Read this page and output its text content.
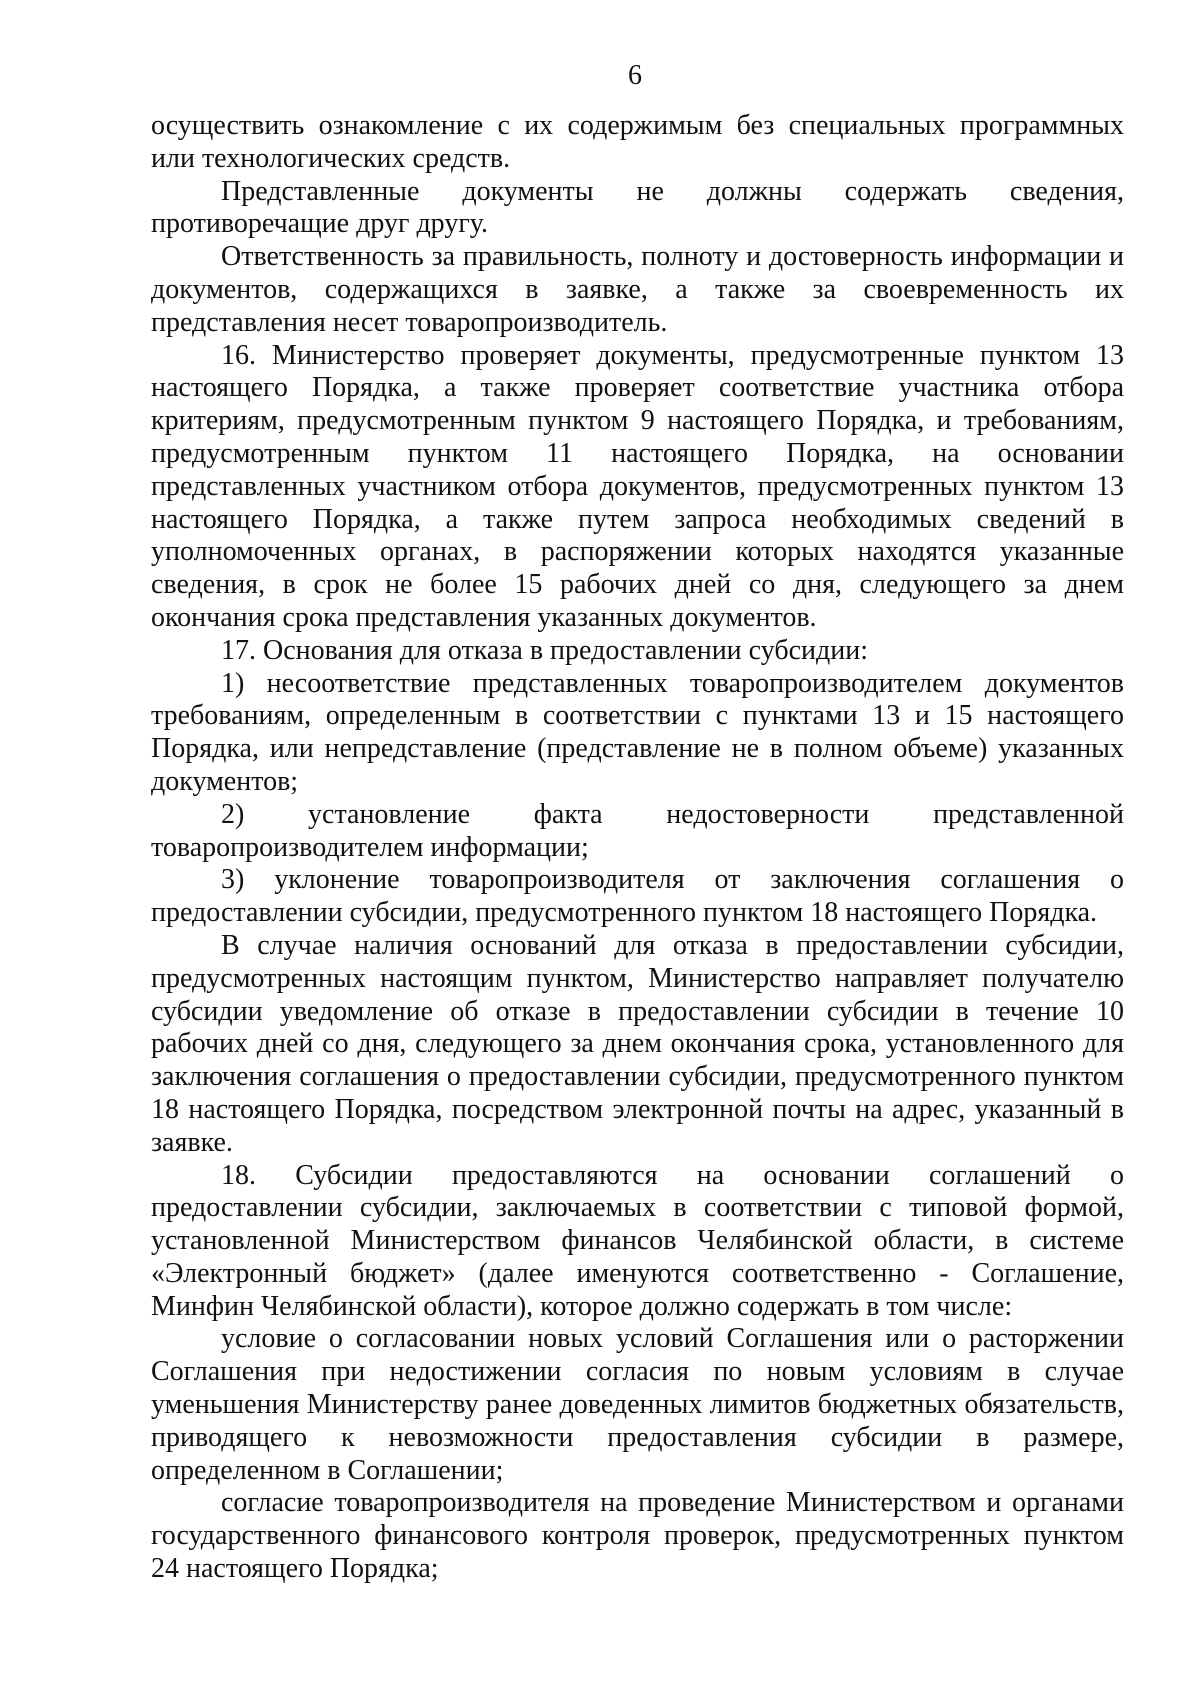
6

осуществить ознакомление с их содержимым без специальных программных или технологических средств.

Представленные документы не должны содержать сведения, противоречащие друг другу.

Ответственность за правильность, полноту и достоверность информации и документов, содержащихся в заявке, а также за своевременность их представления несет товаропроизводитель.

16. Министерство проверяет документы, предусмотренные пунктом 13 настоящего Порядка, а также проверяет соответствие участника отбора критериям, предусмотренным пунктом 9 настоящего Порядка, и требованиям, предусмотренным пунктом 11 настоящего Порядка, на основании представленных участником отбора документов, предусмотренных пунктом 13 настоящего Порядка, а также путем запроса необходимых сведений в уполномоченных органах, в распоряжении которых находятся указанные сведения, в срок не более 15 рабочих дней со дня, следующего за днем окончания срока представления указанных документов.

17. Основания для отказа в предоставлении субсидии:

1) несоответствие представленных товаропроизводителем документов требованиям, определенным в соответствии с пунктами 13 и 15 настоящего Порядка, или непредставление (представление не в полном объеме) указанных документов;

2) установление факта недостоверности представленной товаропроизводителем информации;

3) уклонение товаропроизводителя от заключения соглашения о предоставлении субсидии, предусмотренного пунктом 18 настоящего Порядка.

В случае наличия оснований для отказа в предоставлении субсидии, предусмотренных настоящим пунктом, Министерство направляет получателю субсидии уведомление об отказе в предоставлении субсидии в течение 10 рабочих дней со дня, следующего за днем окончания срока, установленного для заключения соглашения о предоставлении субсидии, предусмотренного пунктом 18 настоящего Порядка, посредством электронной почты на адрес, указанный в заявке.

18. Субсидии предоставляются на основании соглашений о предоставлении субсидии, заключаемых в соответствии с типовой формой, установленной Министерством финансов Челябинской области, в системе «Электронный бюджет» (далее именуются соответственно - Соглашение, Минфин Челябинской области), которое должно содержать в том числе:

условие о согласовании новых условий Соглашения или о расторжении Соглашения при недостижении согласия по новым условиям в случае уменьшения Министерству ранее доведенных лимитов бюджетных обязательств, приводящего к невозможности предоставления субсидии в размере, определенном в Соглашении;

согласие товаропроизводителя на проведение Министерством и органами государственного финансового контроля проверок, предусмотренных пунктом 24 настоящего Порядка;
